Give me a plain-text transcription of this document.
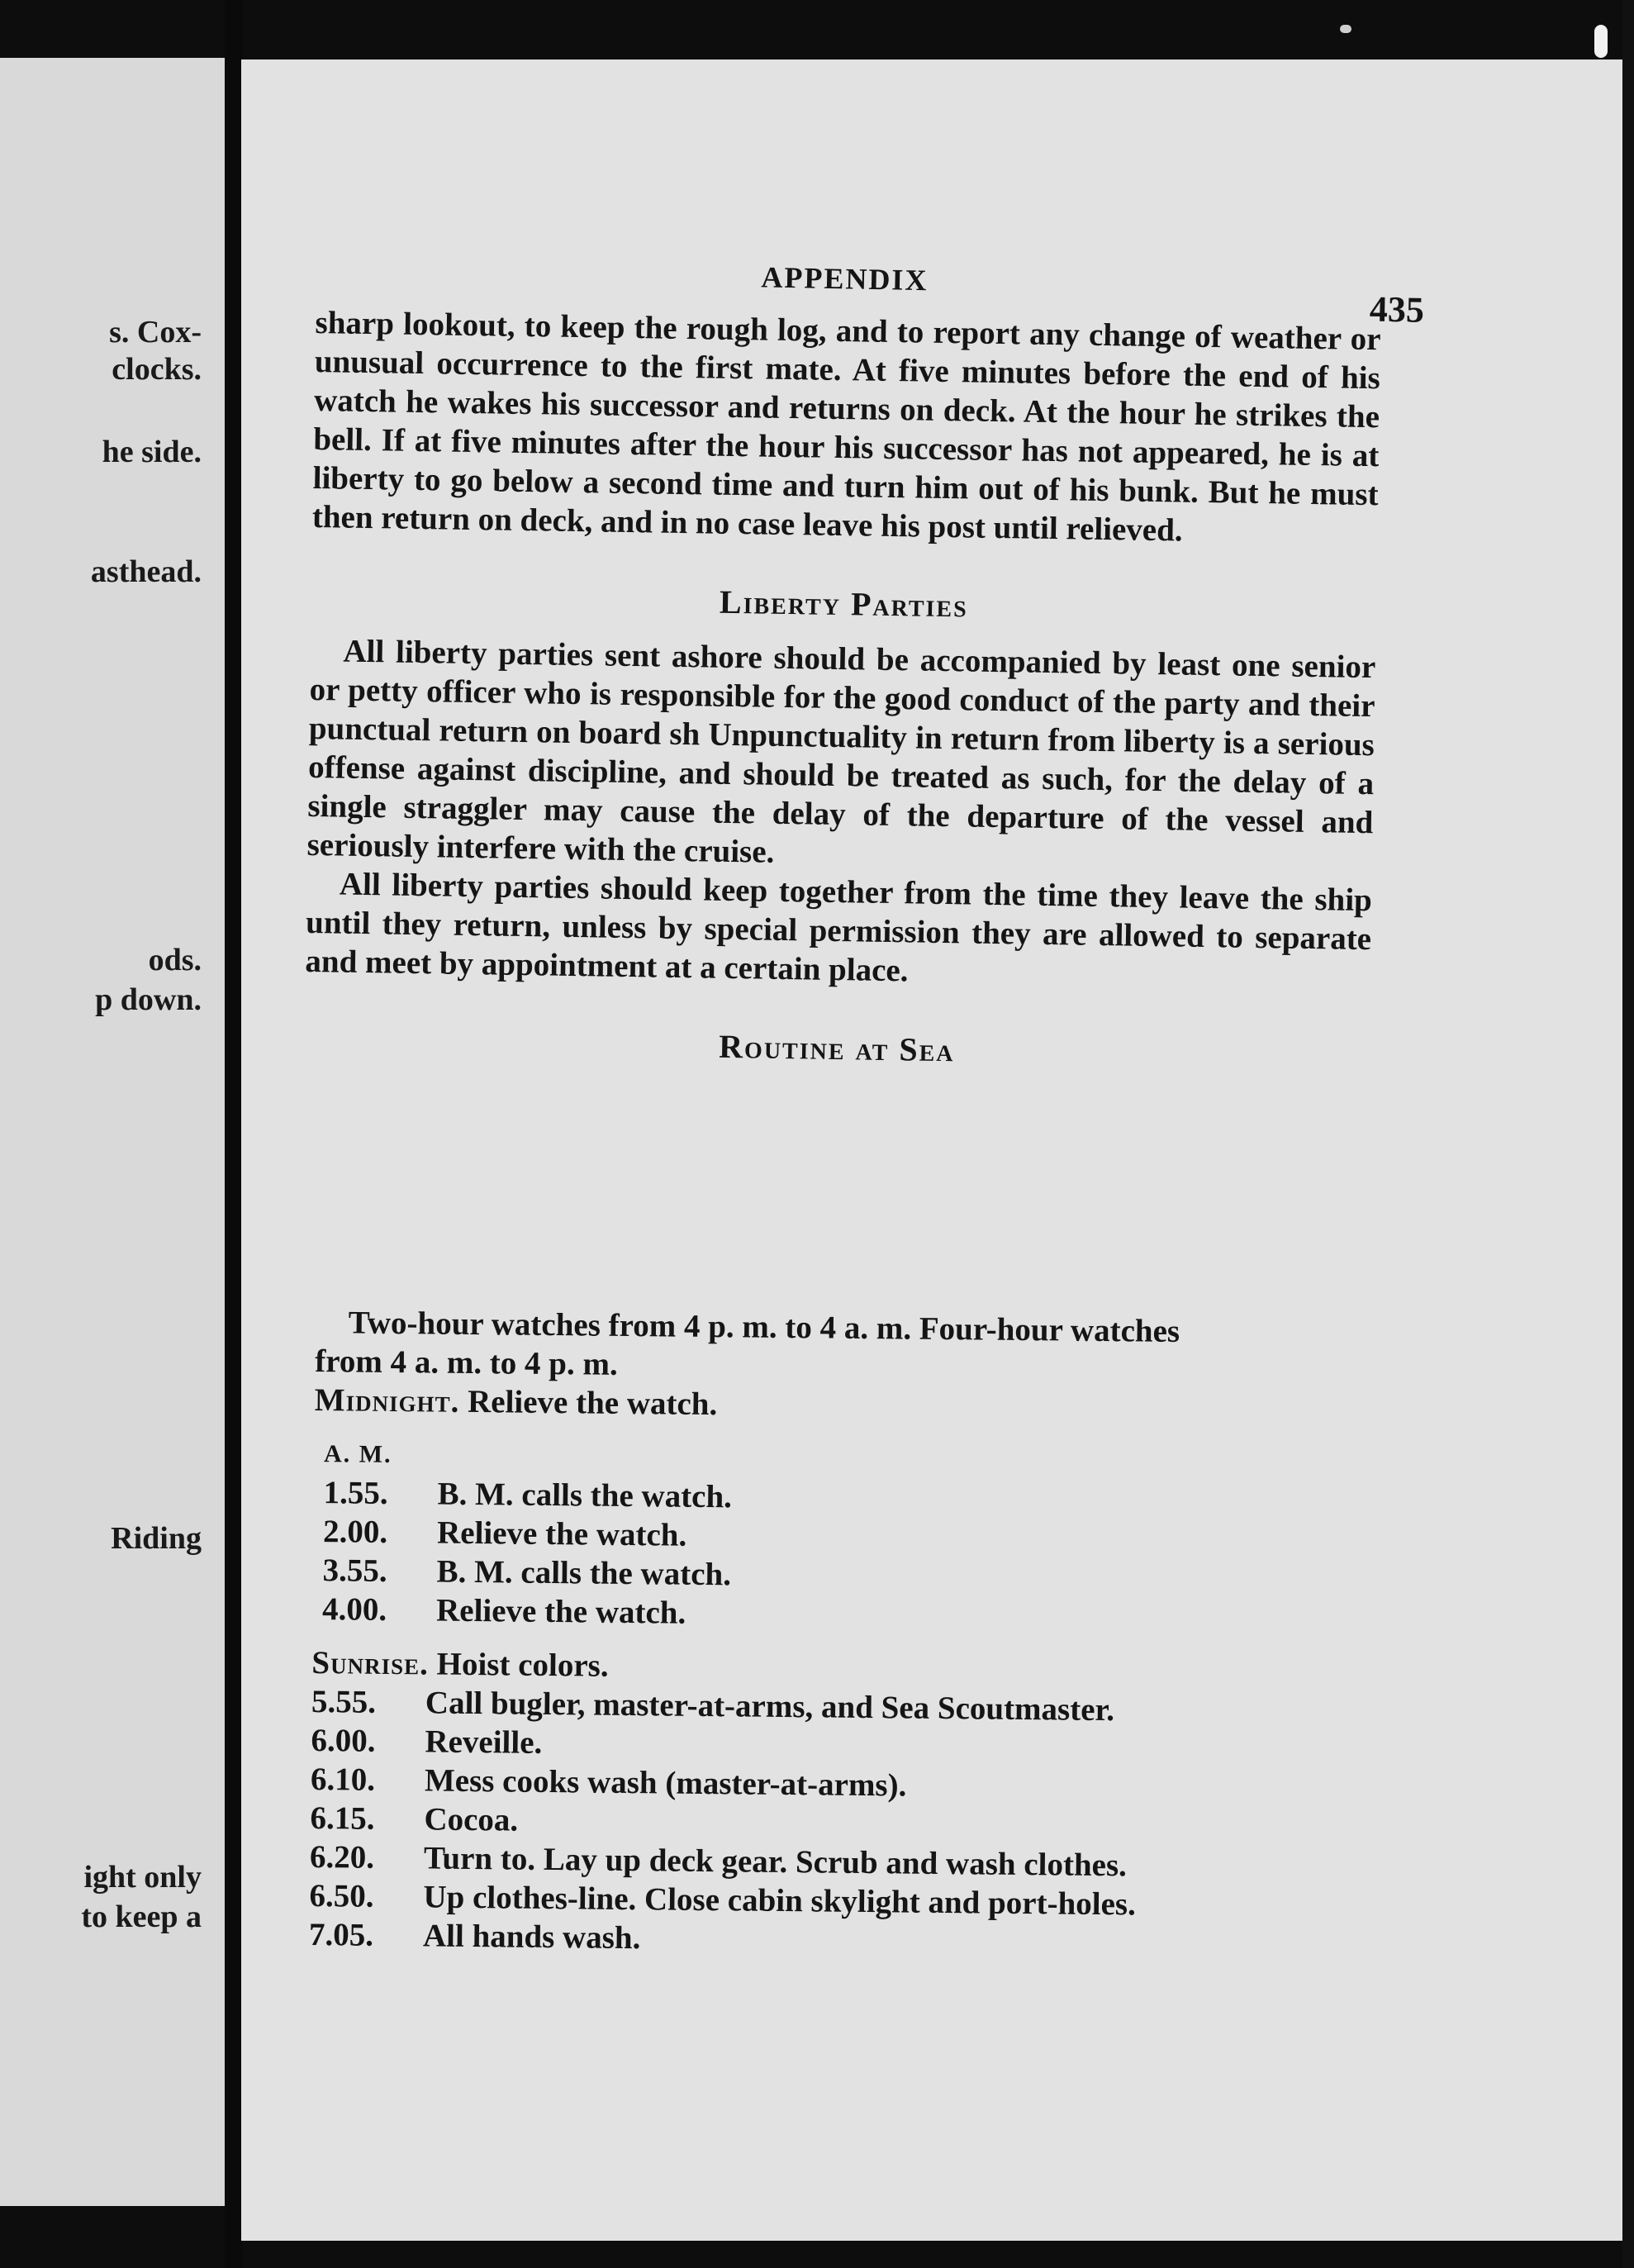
s. Cox-
clocks.
he side.
asthead.
ods.
p down.
Riding
ight only
to keep a
APPENDIX
435

sharp lookout, to keep the rough log, and to report any change of weather or unusual occurrence to the first mate. At five minutes before the end of his watch he wakes his successor and returns on deck. At the hour he strikes the bell. If at five minutes after the hour his successor has not appeared, he is at liberty to go below a second time and turn him out of his bunk. But he must then return on deck, and in no case leave his post until relieved.

Liberty Parties

All liberty parties sent ashore should be accompanied by least one senior or petty officer who is responsible for the good conduct of the party and their punctual return on board sh Unpunctuality in return from liberty is a serious offense against discipline, and should be treated as such, for the delay of a single straggler may cause the delay of the departure of the vessel and seriously interfere with the cruise.

All liberty parties should keep together from the time they leave the ship until they return, unless by special permission they are allowed to separate and meet by appointment at a certain place.

Routine at Sea
Two-hour watches from 4 p. m. to 4 a. m. Four-hour watches
from 4 a. m. to 4 p. m.
Midnight. Relieve the watch.
A. M.
1.55.	B. M. calls the watch.
2.00.	Relieve the watch.
3.55.	B. M. calls the watch.
4.00.	Relieve the watch.
Sunrise. Hoist colors.
5.55.	Call bugler, master-at-arms, and Sea Scoutmaster.
6.00.	Reveille.
6.10.	Mess cooks wash (master-at-arms).
6.15.	Cocoa.
6.20.	Turn to. Lay up deck gear. Scrub and wash clothes.
6.50.	Up clothes-line. Close cabin skylight and port-holes.
7.05.	All hands wash.
